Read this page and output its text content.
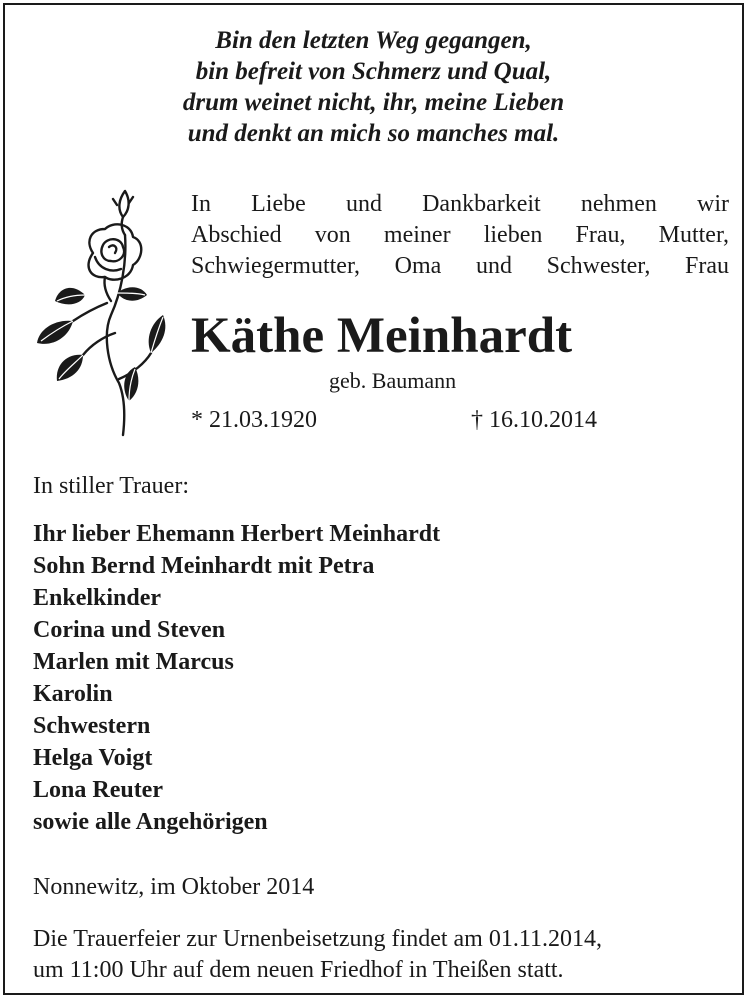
Bin den letzten Weg gegangen,
bin befreit von Schmerz und Qual,
drum weinet nicht, ihr, meine Lieben
und denkt an mich so manches mal.
In Liebe und Dankbarkeit nehmen wir
Abschied von meiner lieben Frau, Mutter,
Schwiegermutter, Oma und Schwester, Frau
Käthe Meinhardt
geb. Baumann
* 21.03.1920	† 16.10.2014
In stiller Trauer:
Ihr lieber Ehemann Herbert Meinhardt
Sohn Bernd Meinhardt mit Petra
Enkelkinder
Corina und Steven
Marlen mit Marcus
Karolin
Schwestern
Helga Voigt
Lona Reuter
sowie alle Angehörigen
Nonnewitz, im Oktober 2014
Die Trauerfeier zur Urnenbeisetzung findet am 01.11.2014,
um 11:00 Uhr auf dem neuen Friedhof in Theißen statt.
